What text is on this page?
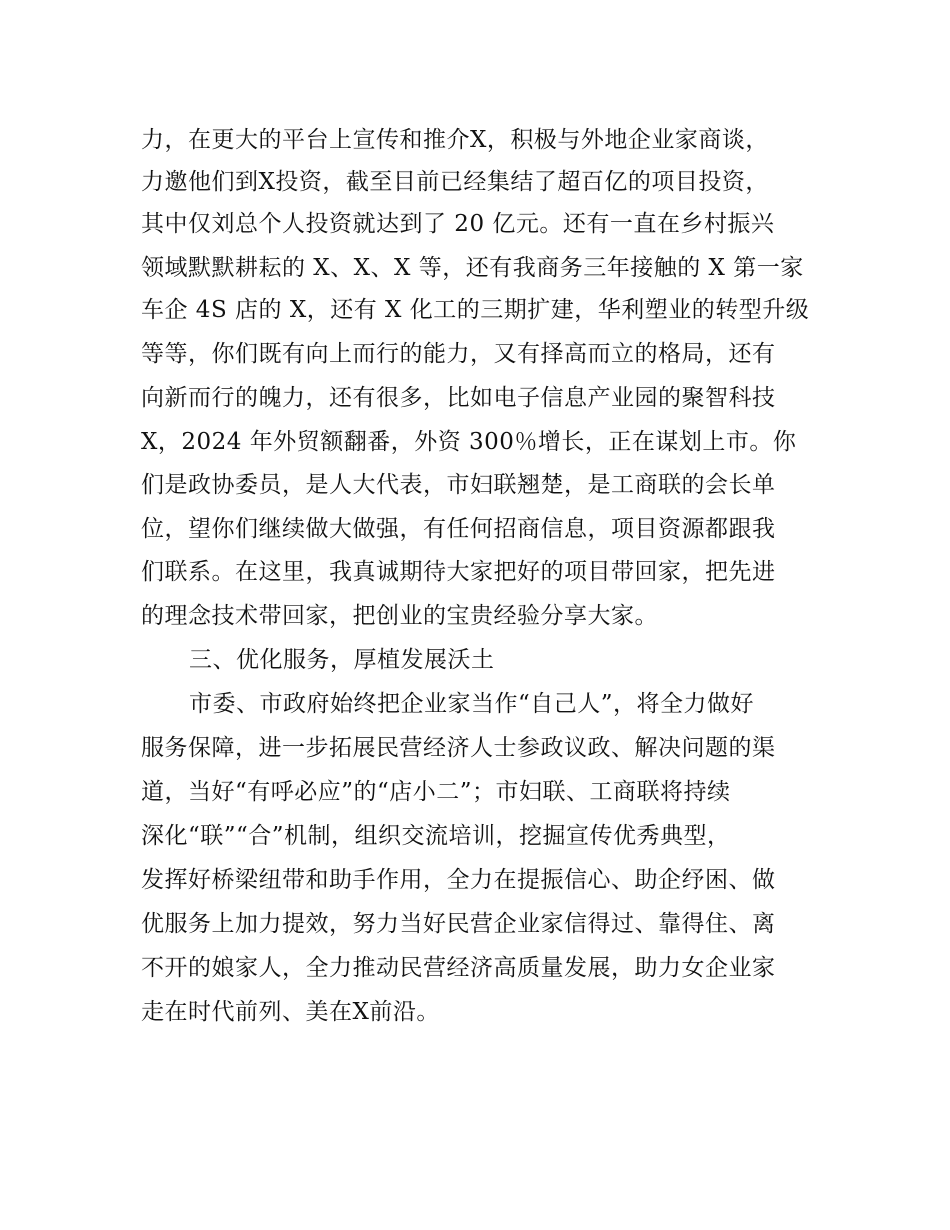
力，在更大的平台上宣传和推介X，积极与外地企业家商谈，
力邀他们到X投资，截至目前已经集结了超百亿的项目投资，
其中仅刘总个人投资就达到了 20 亿元。还有一直在乡村振兴
领域默默耕耘的 X、X、X 等，还有我商务三年接触的 X 第一家
车企 4S 店的 X，还有 X 化工的三期扩建，华利塑业的转型升级
等等，你们既有向上而行的能力，又有择高而立的格局，还有
向新而行的魄力，还有很多，比如电子信息产业园的聚智科技
X，2024 年外贸额翻番，外资 300％增长，正在谋划上市。你
们是政协委员，是人大代表，市妇联翘楚，是工商联的会长单
位，望你们继续做大做强，有任何招商信息，项目资源都跟我
们联系。在这里，我真诚期待大家把好的项目带回家，把先进
的理念技术带回家，把创业的宝贵经验分享大家。
三、优化服务，厚植发展沃土
市委、市政府始终把企业家当作“自己人”，将全力做好
服务保障，进一步拓展民营经济人士参政议政、解决问题的渠
道，当好“有呼必应”的“店小二”；市妇联、工商联将持续
深化“联”“合”机制，组织交流培训，挖掘宣传优秀典型，
发挥好桥梁纽带和助手作用，全力在提振信心、助企纾困、做
优服务上加力提效，努力当好民营企业家信得过、靠得住、离
不开的娘家人，全力推动民营经济高质量发展，助力女企业家
走在时代前列、美在X前沿。
